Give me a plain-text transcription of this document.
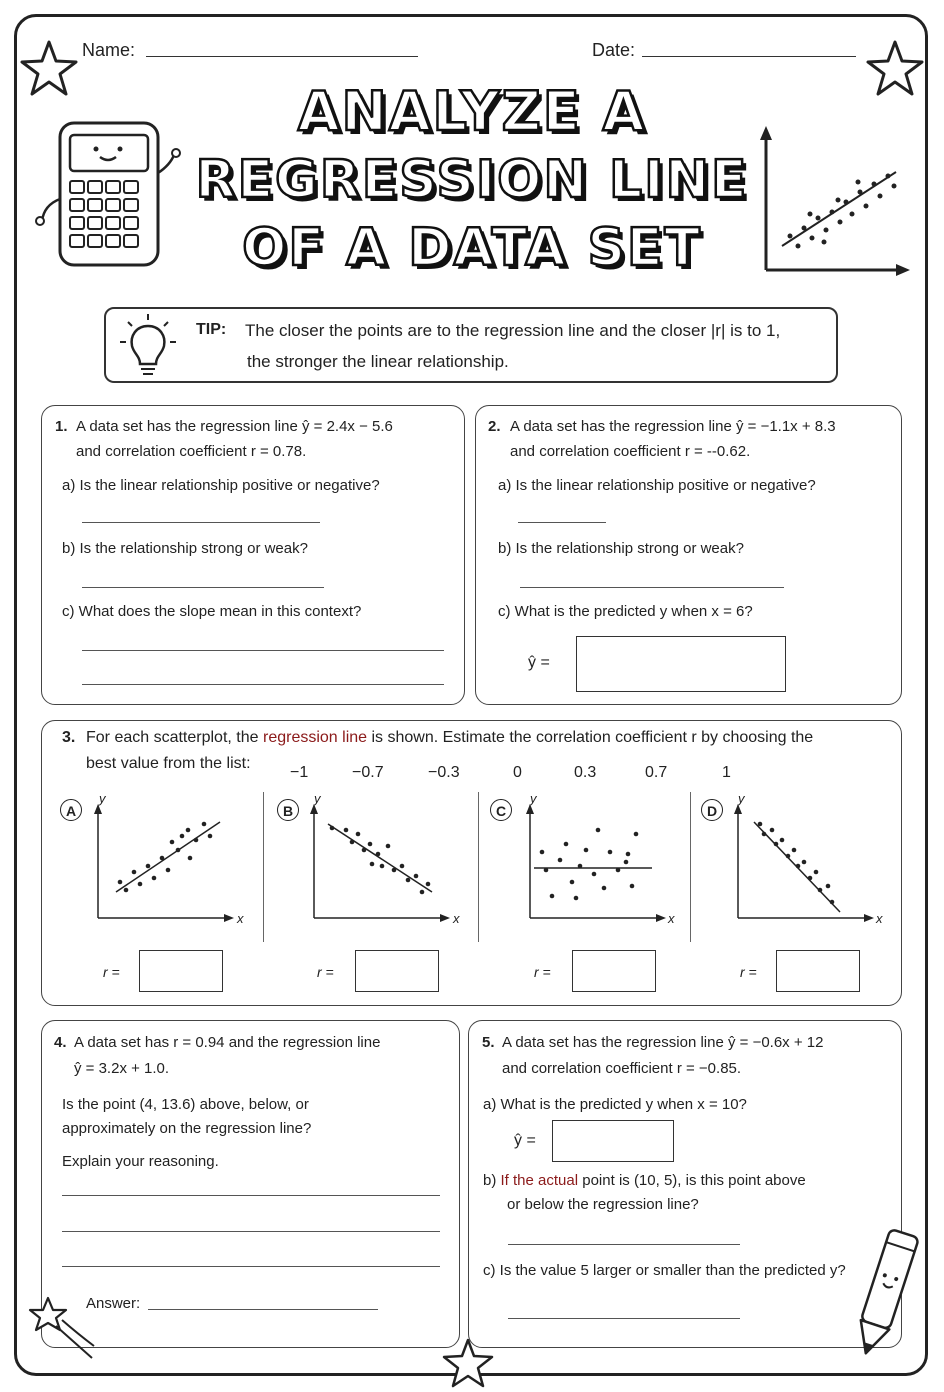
Name:	Date:
ANALYZE A
REGRESSION LINE
OF A DATA SET
TIP: The closer the points are to the regression line and the closer |r| is to 1,
the stronger the linear relationship.
1. A data set has the regression line ŷ = 2.4x − 5.6
and correlation coefficient r = 0.78.
a) Is the linear relationship positive or negative?
b) Is the relationship strong or weak?
c) What does the slope mean in this context?
2. A data set has the regression line ŷ = −1.1x + 8.3
and correlation coefficient r = --0.62.
a) Is the linear relationship positive or negative?
b) Is the relationship strong or weak?
c) What is the predicted y when x = 6?
ŷ =
3. For each scatterplot, the regression line is shown. Estimate the correlation coefficient r by choosing the
best value from the list:
−1	−0.7	−0.3	0	0.3	0.7	1
A
y
x
r =
B
y
x
r =
C
y
x
r =
D
y
x
r =
4. A data set has r = 0.94 and the regression line
ŷ = 3.2x + 1.0.
Is the point (4, 13.6) above, below, or
approximately on the regression line?
Explain your reasoning.
Answer:
5. A data set has the regression line ŷ = −0.6x + 12
and correlation coefficient r = −0.85.
a) What is the predicted y when x = 10?
ŷ =
b) If the actual point is (10, 5), is this point above
or below the regression line?
c) Is the value 5 larger or smaller than the predicted y?
